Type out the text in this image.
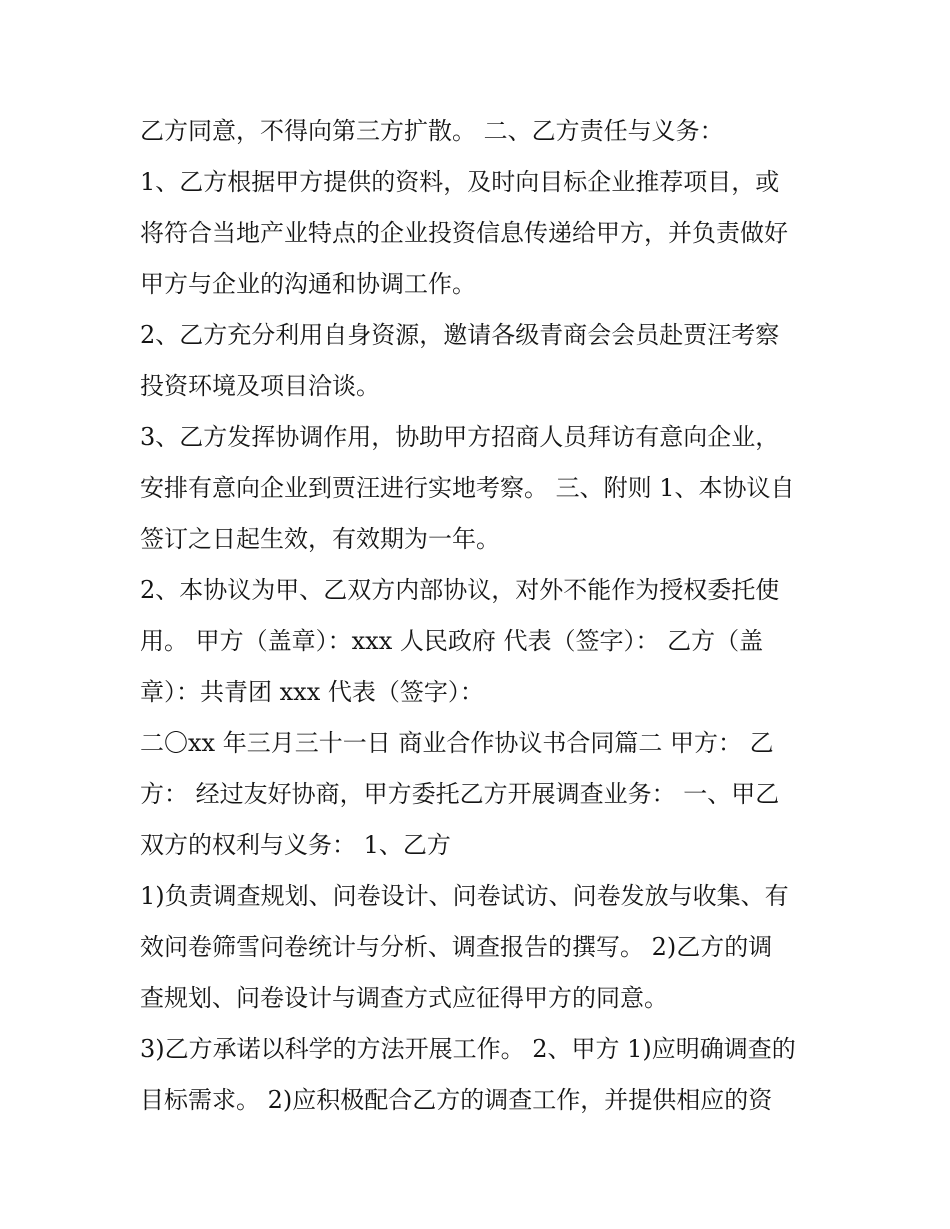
乙方同意，不得向第三方扩散。 二、乙方责任与义务：
1、乙方根据甲方提供的资料，及时向目标企业推荐项目，或
将符合当地产业特点的企业投资信息传递给甲方，并负责做好
甲方与企业的沟通和协调工作。
2、乙方充分利用自身资源，邀请各级青商会会员赴贾汪考察
投资环境及项目洽谈。
3、乙方发挥协调作用，协助甲方招商人员拜访有意向企业，
安排有意向企业到贾汪进行实地考察。 三、附则 1、本协议自
签订之日起生效，有效期为一年。
2、本协议为甲、乙双方内部协议，对外不能作为授权委托使
用。 甲方（盖章）：xxx 人民政府 代表（签字）： 乙方（盖
章）：共青团 xxx 代表（签字）：
二〇xx 年三月三十一日 商业合作协议书合同篇二 甲方： 乙
方： 经过友好协商，甲方委托乙方开展调查业务： 一、甲乙
双方的权利与义务： 1、乙方
1)负责调查规划、问卷设计、问卷试访、问卷发放与收集、有
效问卷筛雪问卷统计与分析、调查报告的撰写。 2)乙方的调
查规划、问卷设计与调查方式应征得甲方的同意。
3)乙方承诺以科学的方法开展工作。 2、甲方 1)应明确调查的
目标需求。 2)应积极配合乙方的调查工作，并提供相应的资
